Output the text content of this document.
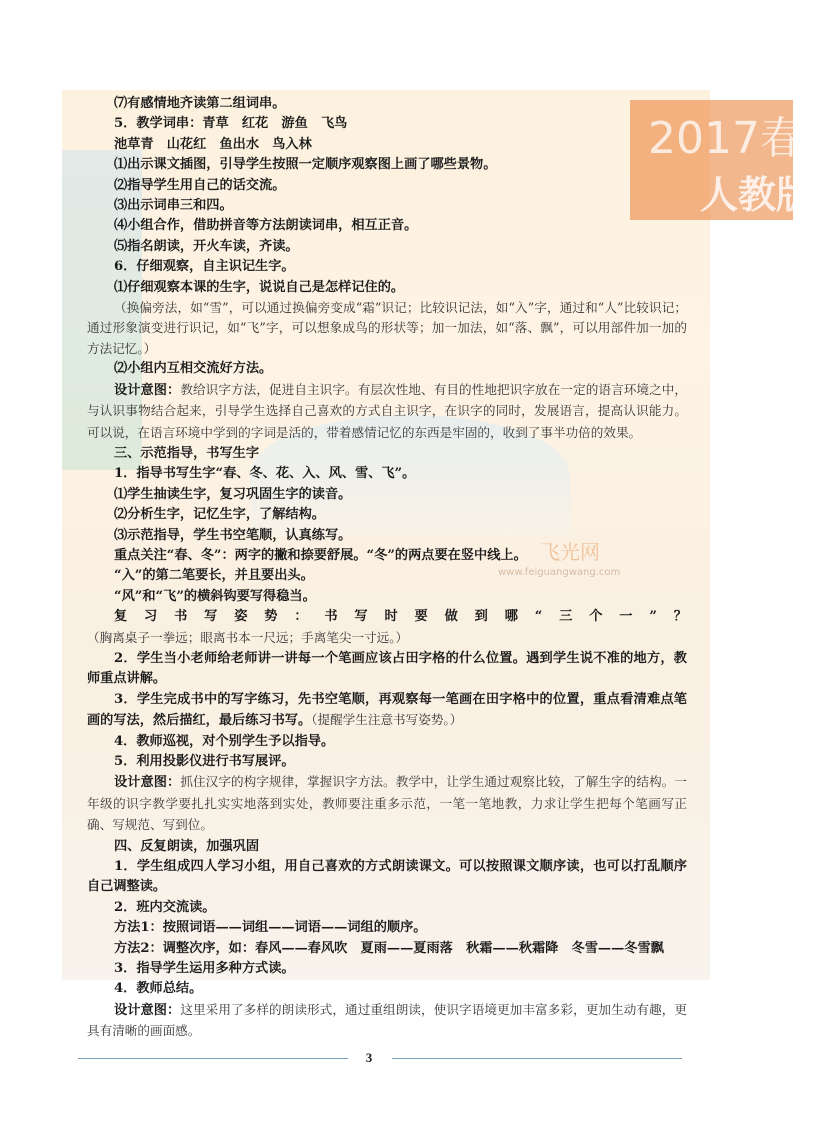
2017春
人教版
飞光网
www.feiguangwang.com

⑺有感情地齐读第二组词串。

5．教学词串：青草　红花　游鱼　飞鸟

池草青　山花红　鱼出水　鸟入林

⑴出示课文插图，引导学生按照一定顺序观察图上画了哪些景物。

⑵指导学生用自己的话交流。

⑶出示词串三和四。

⑷小组合作，借助拼音等方法朗读词串，相互正音。

⑸指名朗读，开火车读，齐读。

6．仔细观察，自主识记生字。

⑴仔细观察本课的生字，说说自己是怎样记住的。

（换偏旁法，如“雪”，可以通过换偏旁变成“霜”识记；比较识记法，如“入”字，通过和“人”比较识记；通过形象演变进行识记，如“飞”字，可以想象成鸟的形状等；加一加法，如“落、飘”，可以用部件加一加的方法记忆。）

⑵小组内互相交流好方法。

设计意图：教给识字方法，促进自主识字。有层次性地、有目的性地把识字放在一定的语言环境之中，与认识事物结合起来，引导学生选择自己喜欢的方式自主识字，在识字的同时，发展语言，提高认识能力。可以说，在语言环境中学到的字词是活的，带着感情记忆的东西是牢固的，收到了事半功倍的效果。

三、示范指导，书写生字

1．指导书写生字“春、冬、花、入、风、雪、飞”。

⑴学生抽读生字，复习巩固生字的读音。

⑵分析生字，记忆生字，了解结构。

⑶示范指导，学生书空笔顺，认真练写。

重点关注“春、冬”：两字的撇和捺要舒展。“冬”的两点要在竖中线上。

“入”的第二笔要长，并且要出头。

“风”和“飞”的横斜钩要写得稳当。

复习书写姿势：书写时要做到哪“三个一”？（胸离桌子一拳远；眼离书本一尺远；手离笔尖一寸远。）

2．学生当小老师给老师讲一讲每一个笔画应该占田字格的什么位置。遇到学生说不准的地方，教师重点讲解。

3．学生完成书中的写字练习，先书空笔顺，再观察每一笔画在田字格中的位置，重点看清难点笔画的写法，然后描红，最后练习书写。（提醒学生注意书写姿势。）

4．教师巡视，对个别学生予以指导。

5．利用投影仪进行书写展评。

设计意图：抓住汉字的构字规律，掌握识字方法。教学中，让学生通过观察比较，了解生字的结构。一年级的识字教学要扎扎实实地落到实处，教师要注重多示范，一笔一笔地教，力求让学生把每个笔画写正确、写规范、写到位。

四、反复朗读，加强巩固

1．学生组成四人学习小组，用自己喜欢的方式朗读课文。可以按照课文顺序读，也可以打乱顺序自己调整读。

2．班内交流读。

方法1：按照词语——词组——词语——词组的顺序。

方法2：调整次序，如：春风——春风吹　夏雨——夏雨落　秋霜——秋霜降　冬雪——冬雪飘

3．指导学生运用多种方式读。

4．教师总结。

设计意图：这里采用了多样的朗读形式，通过重组朗读，使识字语境更加丰富多彩，更加生动有趣，更具有清晰的画面感。

3
